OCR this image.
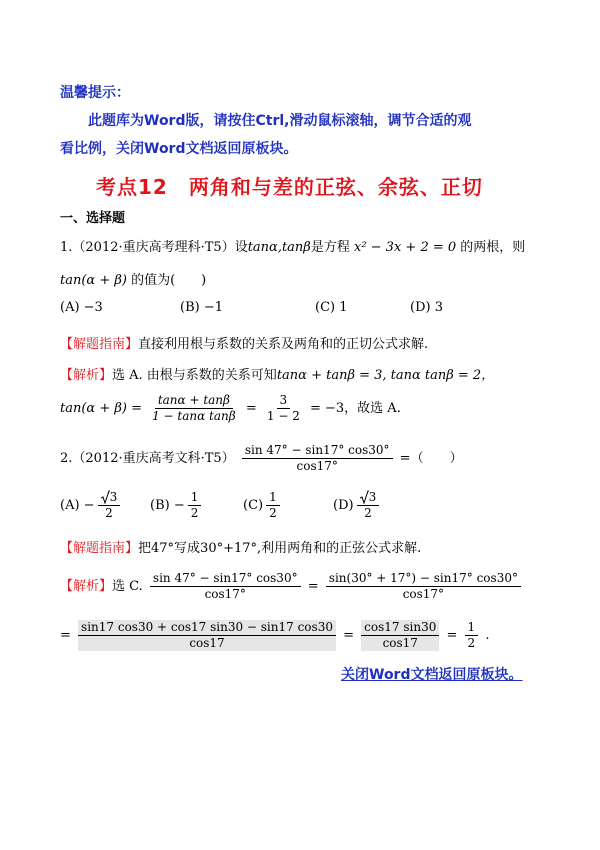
温馨提示：
此题库为Word版，请按住Ctrl,滑动鼠标滚轴，调节合适的观
看比例，关闭Word文档返回原板块。
考点12　两角和与差的正弦、余弦、正切
一、选择题
1.（2012·重庆高考理科·T5）设tanα,tanβ是方程 x² − 3x + 2 = 0 的两根，则
tan(α + β) 的值为(　　)
(A) −3	(B) −1	(C) 1	(D) 3
【解题指南】直接利用根与系数的关系及两角和的正切公式求解.
【解析】选 A. 由根与系数的关系可知tanα + tanβ = 3, tanα tanβ = 2，
$\tan(\alpha + \beta) = \frac{\tan\alpha + \tan\beta}{\text{1 − tanα tanβ}} = \frac{3}{1 - 2} = -3$，故选 A.
2.（2012·重庆高考文科$\cdot T5) \frac{\sin 47^\circ - \sin 17^\circ \cos 30^\circ}{\cos 17^\circ}$ =（　　）
$(A) - \frac{3}{2} (B) - \frac{1}{2}$	$(C) \frac{1}{2}$	$(D) \frac{3}{2}$
【解题指南】把47°写成30°+17°,利用两角和的正弦公式求解.
【解析】选 C. $\frac{\sin 47^\circ - \sin 17^\circ \cos 30^\circ}{\cos 17^\circ} = \frac{\sin(30^\circ + 17^\circ) - \sin 17^\circ \cos 30^\circ}{\cos 17^\circ}$
= $\frac{\sin 17 \cos 30 + \cos 17 \sin 30 - \sin 17 \cos 30}{\cos 17} = \frac{\cos 17 \sin 30}{\cos 17} = \frac{1}{2}$ .
关闭Word文档返回原板块。
